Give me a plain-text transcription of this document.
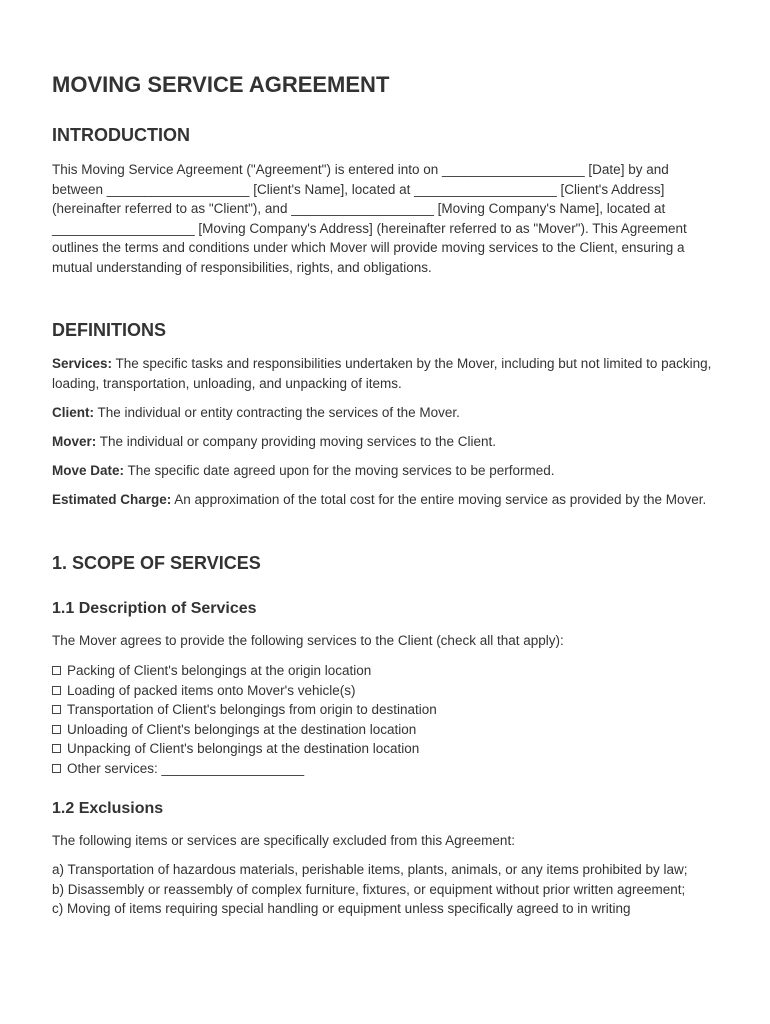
MOVING SERVICE AGREEMENT
INTRODUCTION

This Moving Service Agreement ("Agreement") is entered into on ___________________ [Date] by and between ___________________ [Client's Name], located at ___________________ [Client's Address] (hereinafter referred to as "Client"), and ___________________ [Moving Company's Name], located at ___________________ [Moving Company's Address] (hereinafter referred to as "Mover"). This Agreement outlines the terms and conditions under which Mover will provide moving services to the Client, ensuring a mutual understanding of responsibilities, rights, and obligations.

DEFINITIONS

Services: The specific tasks and responsibilities undertaken by the Mover, including but not limited to packing, loading, transportation, unloading, and unpacking of items.

Client: The individual or entity contracting the services of the Mover.

Mover: The individual or company providing moving services to the Client.

Move Date: The specific date agreed upon for the moving services to be performed.

Estimated Charge: An approximation of the total cost for the entire moving service as provided by the Mover.

1. SCOPE OF SERVICES
1.1 Description of Services

The Mover agrees to provide the following services to the Client (check all that apply):

Packing of Client's belongings at the origin location
Loading of packed items onto Mover's vehicle(s)
Transportation of Client's belongings from origin to destination
Unloading of Client's belongings at the destination location
Unpacking of Client's belongings at the destination location
Other services: ___________________
1.2 Exclusions

The following items or services are specifically excluded from this Agreement:

a) Transportation of hazardous materials, perishable items, plants, animals, or any items prohibited by law;

b) Disassembly or reassembly of complex furniture, fixtures, or equipment without prior written agreement;

c) Moving of items requiring special handling or equipment unless specifically agreed to in writing
